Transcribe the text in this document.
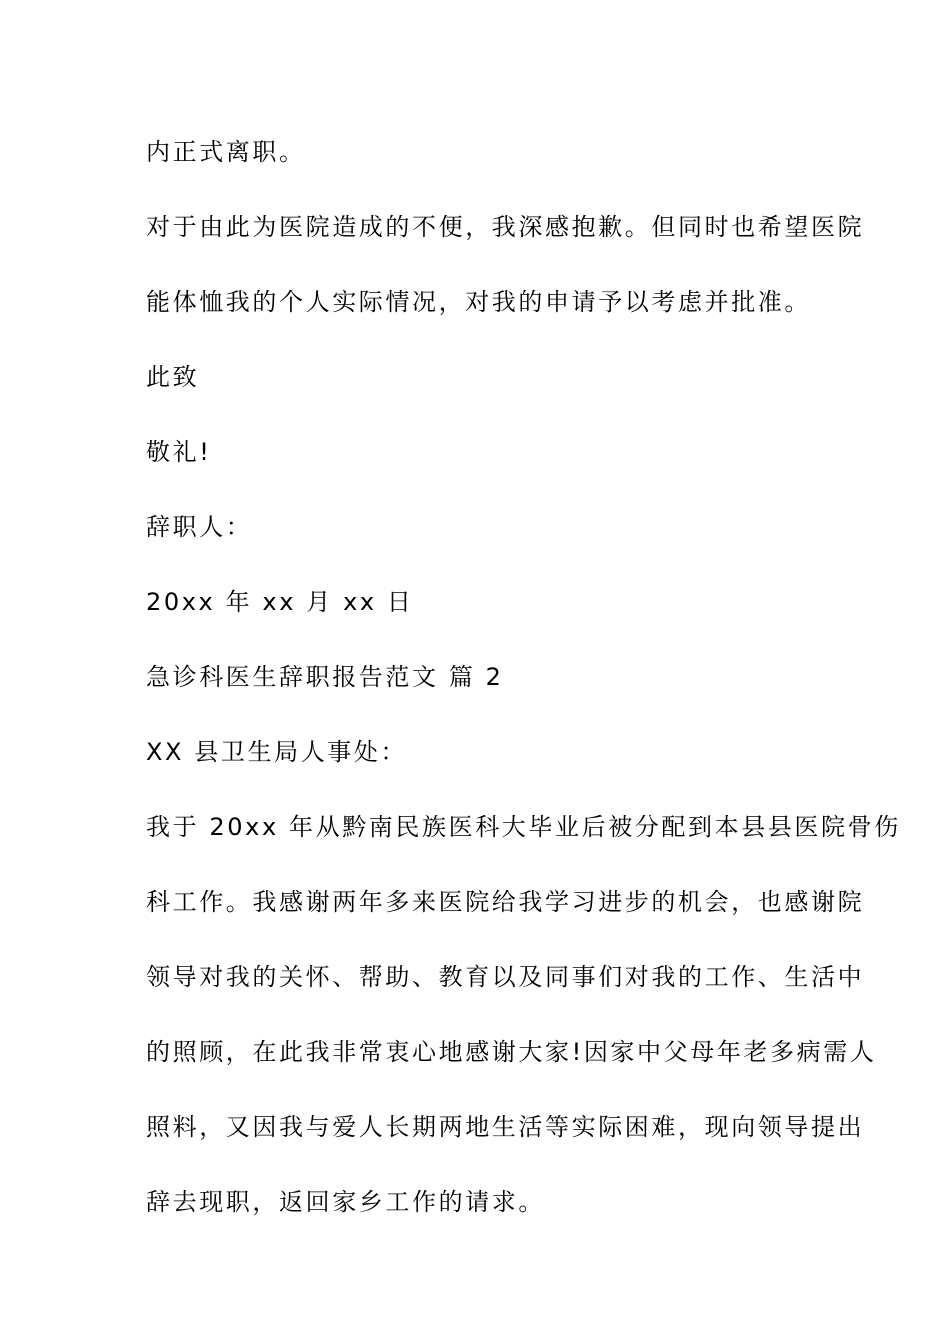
内正式离职。
对于由此为医院造成的不便，我深感抱歉。但同时也希望医院
能体恤我的个人实际情况，对我的申请予以考虑并批准。
此致
敬礼!
辞职人：
20xx 年 xx 月 xx 日
急诊科医生辞职报告范文 篇 2
XX 县卫生局人事处：
我于 20xx 年从黔南民族医科大毕业后被分配到本县县医院骨伤
科工作。我感谢两年多来医院给我学习进步的机会，也感谢院
领导对我的关怀、帮助、教育以及同事们对我的工作、生活中
的照顾，在此我非常衷心地感谢大家!因家中父母年老多病需人
照料，又因我与爱人长期两地生活等实际困难，现向领导提出
辞去现职，返回家乡工作的请求。
